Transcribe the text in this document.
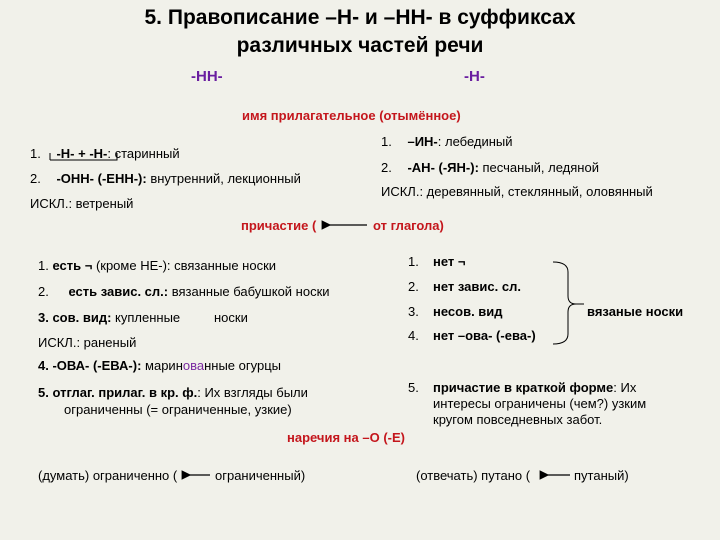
5. Правописание –Н- и –НН- в суффиксах
различных частей речи
-НН-	-Н-
имя прилагательное (отымённое)
1. -Н- + -Н-: старинный
2. -ОНН- (-ЕНН-): внутренний, лекционный
ИСКЛ.: ветреный
1. –ИН-: лебединый
2. -АН- (-ЯН-): песчаный, ледяной
ИСКЛ.: деревянный, стеклянный, оловянный
причастие (	от глагола)
1. есть ¬ (кроме НЕ-): связанные носки
2. есть завис. сл.: вязанные бабушкой носки
3. сов. вид: купленные	носки
ИСКЛ.: раненый
4. -ОВА- (-ЕВА-): маринованные огурцы
5. отглаг. прилаг. в кр. ф.: Их взгляды были
ограниченны (= ограниченные, узкие)
1. нет ¬
2. нет завис. сл.
3. несов. вид
4. нет –ова- (-ева-)
вязаные носки
5. причастие в краткой форме: Их
интересы ограничены (чем?) узким
кругом повседневных забот.
наречия на –О (-Е)
(думать) ограниченно (	ограниченный)	(отвечать) путано (	путаный)
